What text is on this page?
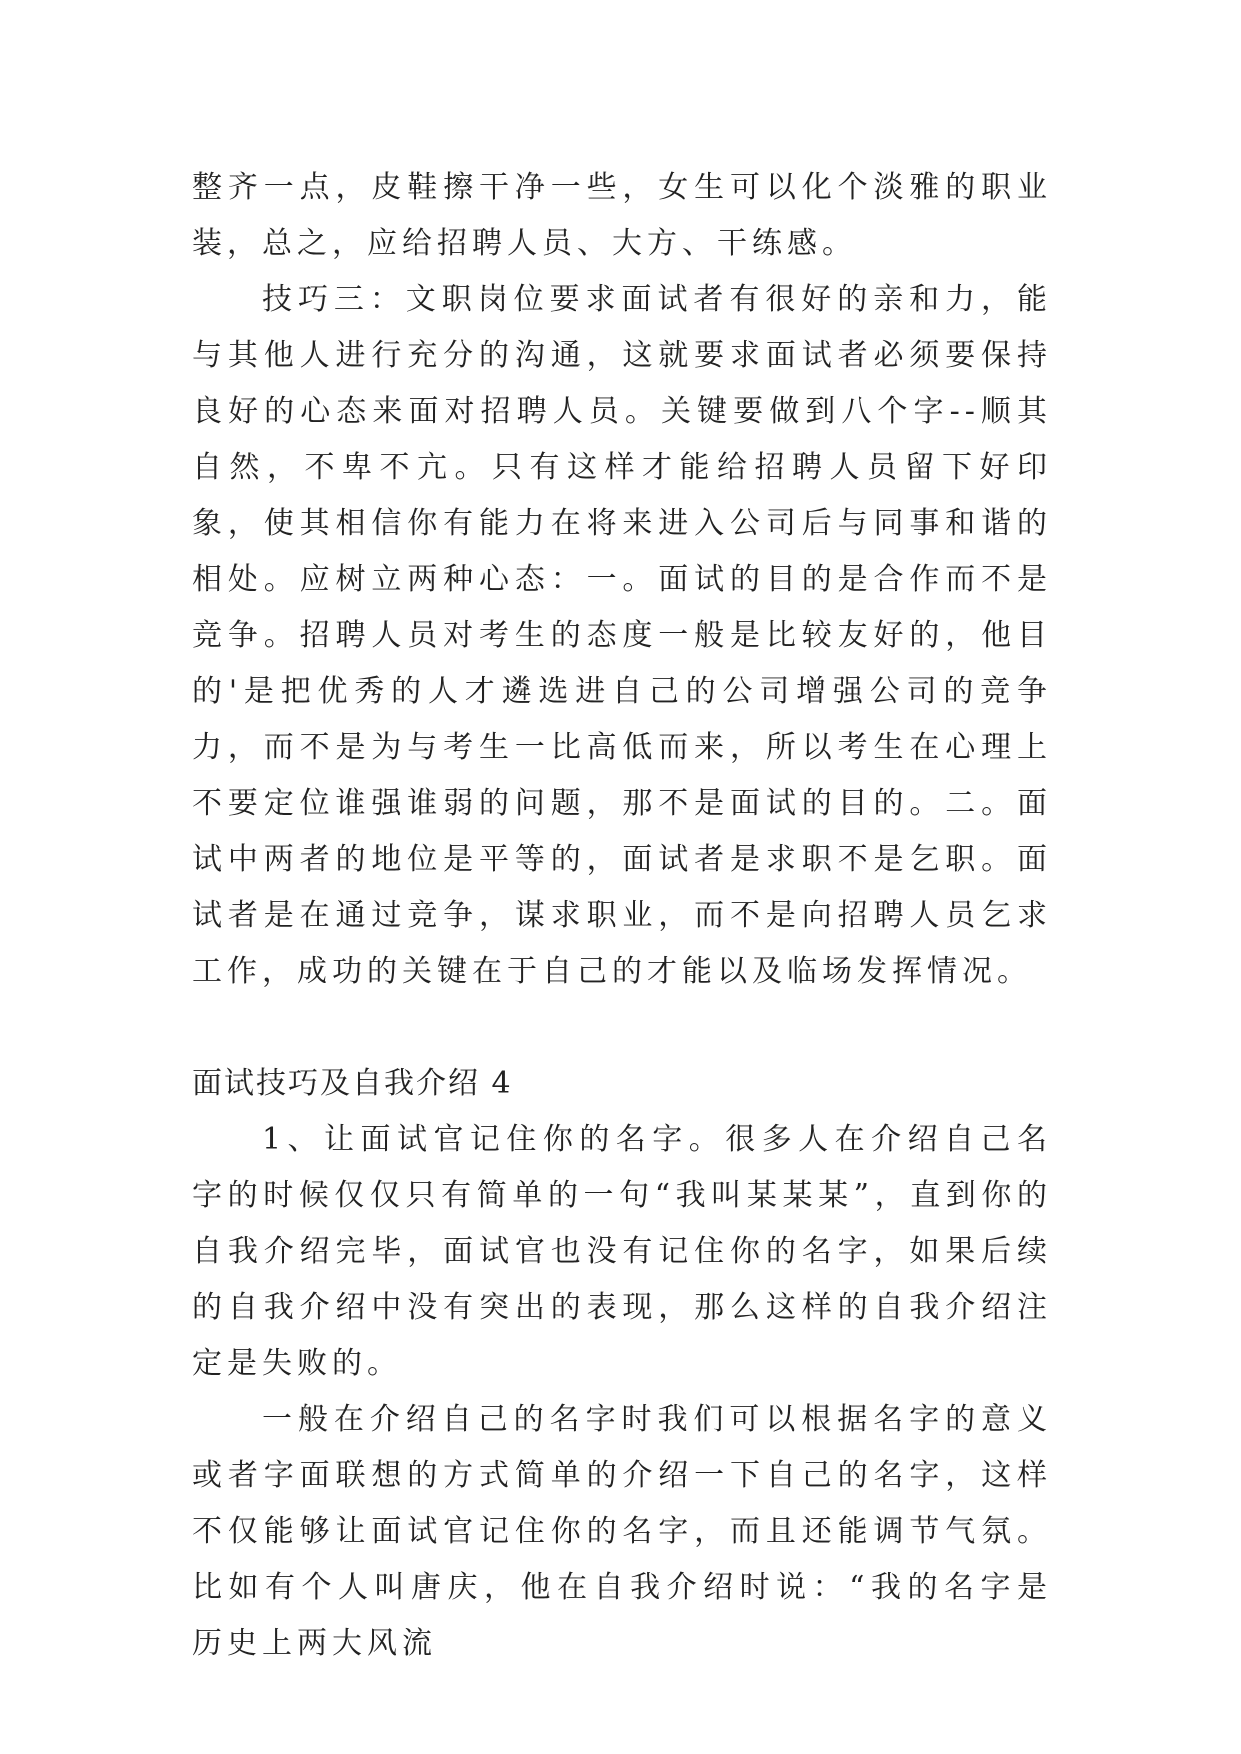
整齐一点，皮鞋擦干净一些，女生可以化个淡雅的职业装，总之，应给招聘人员、大方、干练感。

技巧三：文职岗位要求面试者有很好的亲和力，能与其他人进行充分的沟通，这就要求面试者必须要保持良好的心态来面对招聘人员。关键要做到八个字--顺其自然，不卑不亢。只有这样才能给招聘人员留下好印象，使其相信你有能力在将来进入公司后与同事和谐的相处。应树立两种心态：一。面试的目的是合作而不是竞争。招聘人员对考生的态度一般是比较友好的，他目的'是把优秀的人才遴选进自己的公司增强公司的竞争力，而不是为与考生一比高低而来，所以考生在心理上不要定位谁强谁弱的问题，那不是面试的目的。二。面试中两者的地位是平等的，面试者是求职不是乞职。面试者是在通过竞争，谋求职业，而不是向招聘人员乞求工作，成功的关键在于自己的才能以及临场发挥情况。

面试技巧及自我介绍 4

1、让面试官记住你的名字。很多人在介绍自己名字的时候仅仅只有简单的一句“我叫某某某”，直到你的自我介绍完毕，面试官也没有记住你的名字，如果后续的自我介绍中没有突出的表现，那么这样的自我介绍注定是失败的。

一般在介绍自己的名字时我们可以根据名字的意义或者字面联想的方式简单的介绍一下自己的名字，这样不仅能够让面试官记住你的名字，而且还能调节气氛。比如有个人叫唐庆，他在自我介绍时说：“我的名字是历史上两大风流
